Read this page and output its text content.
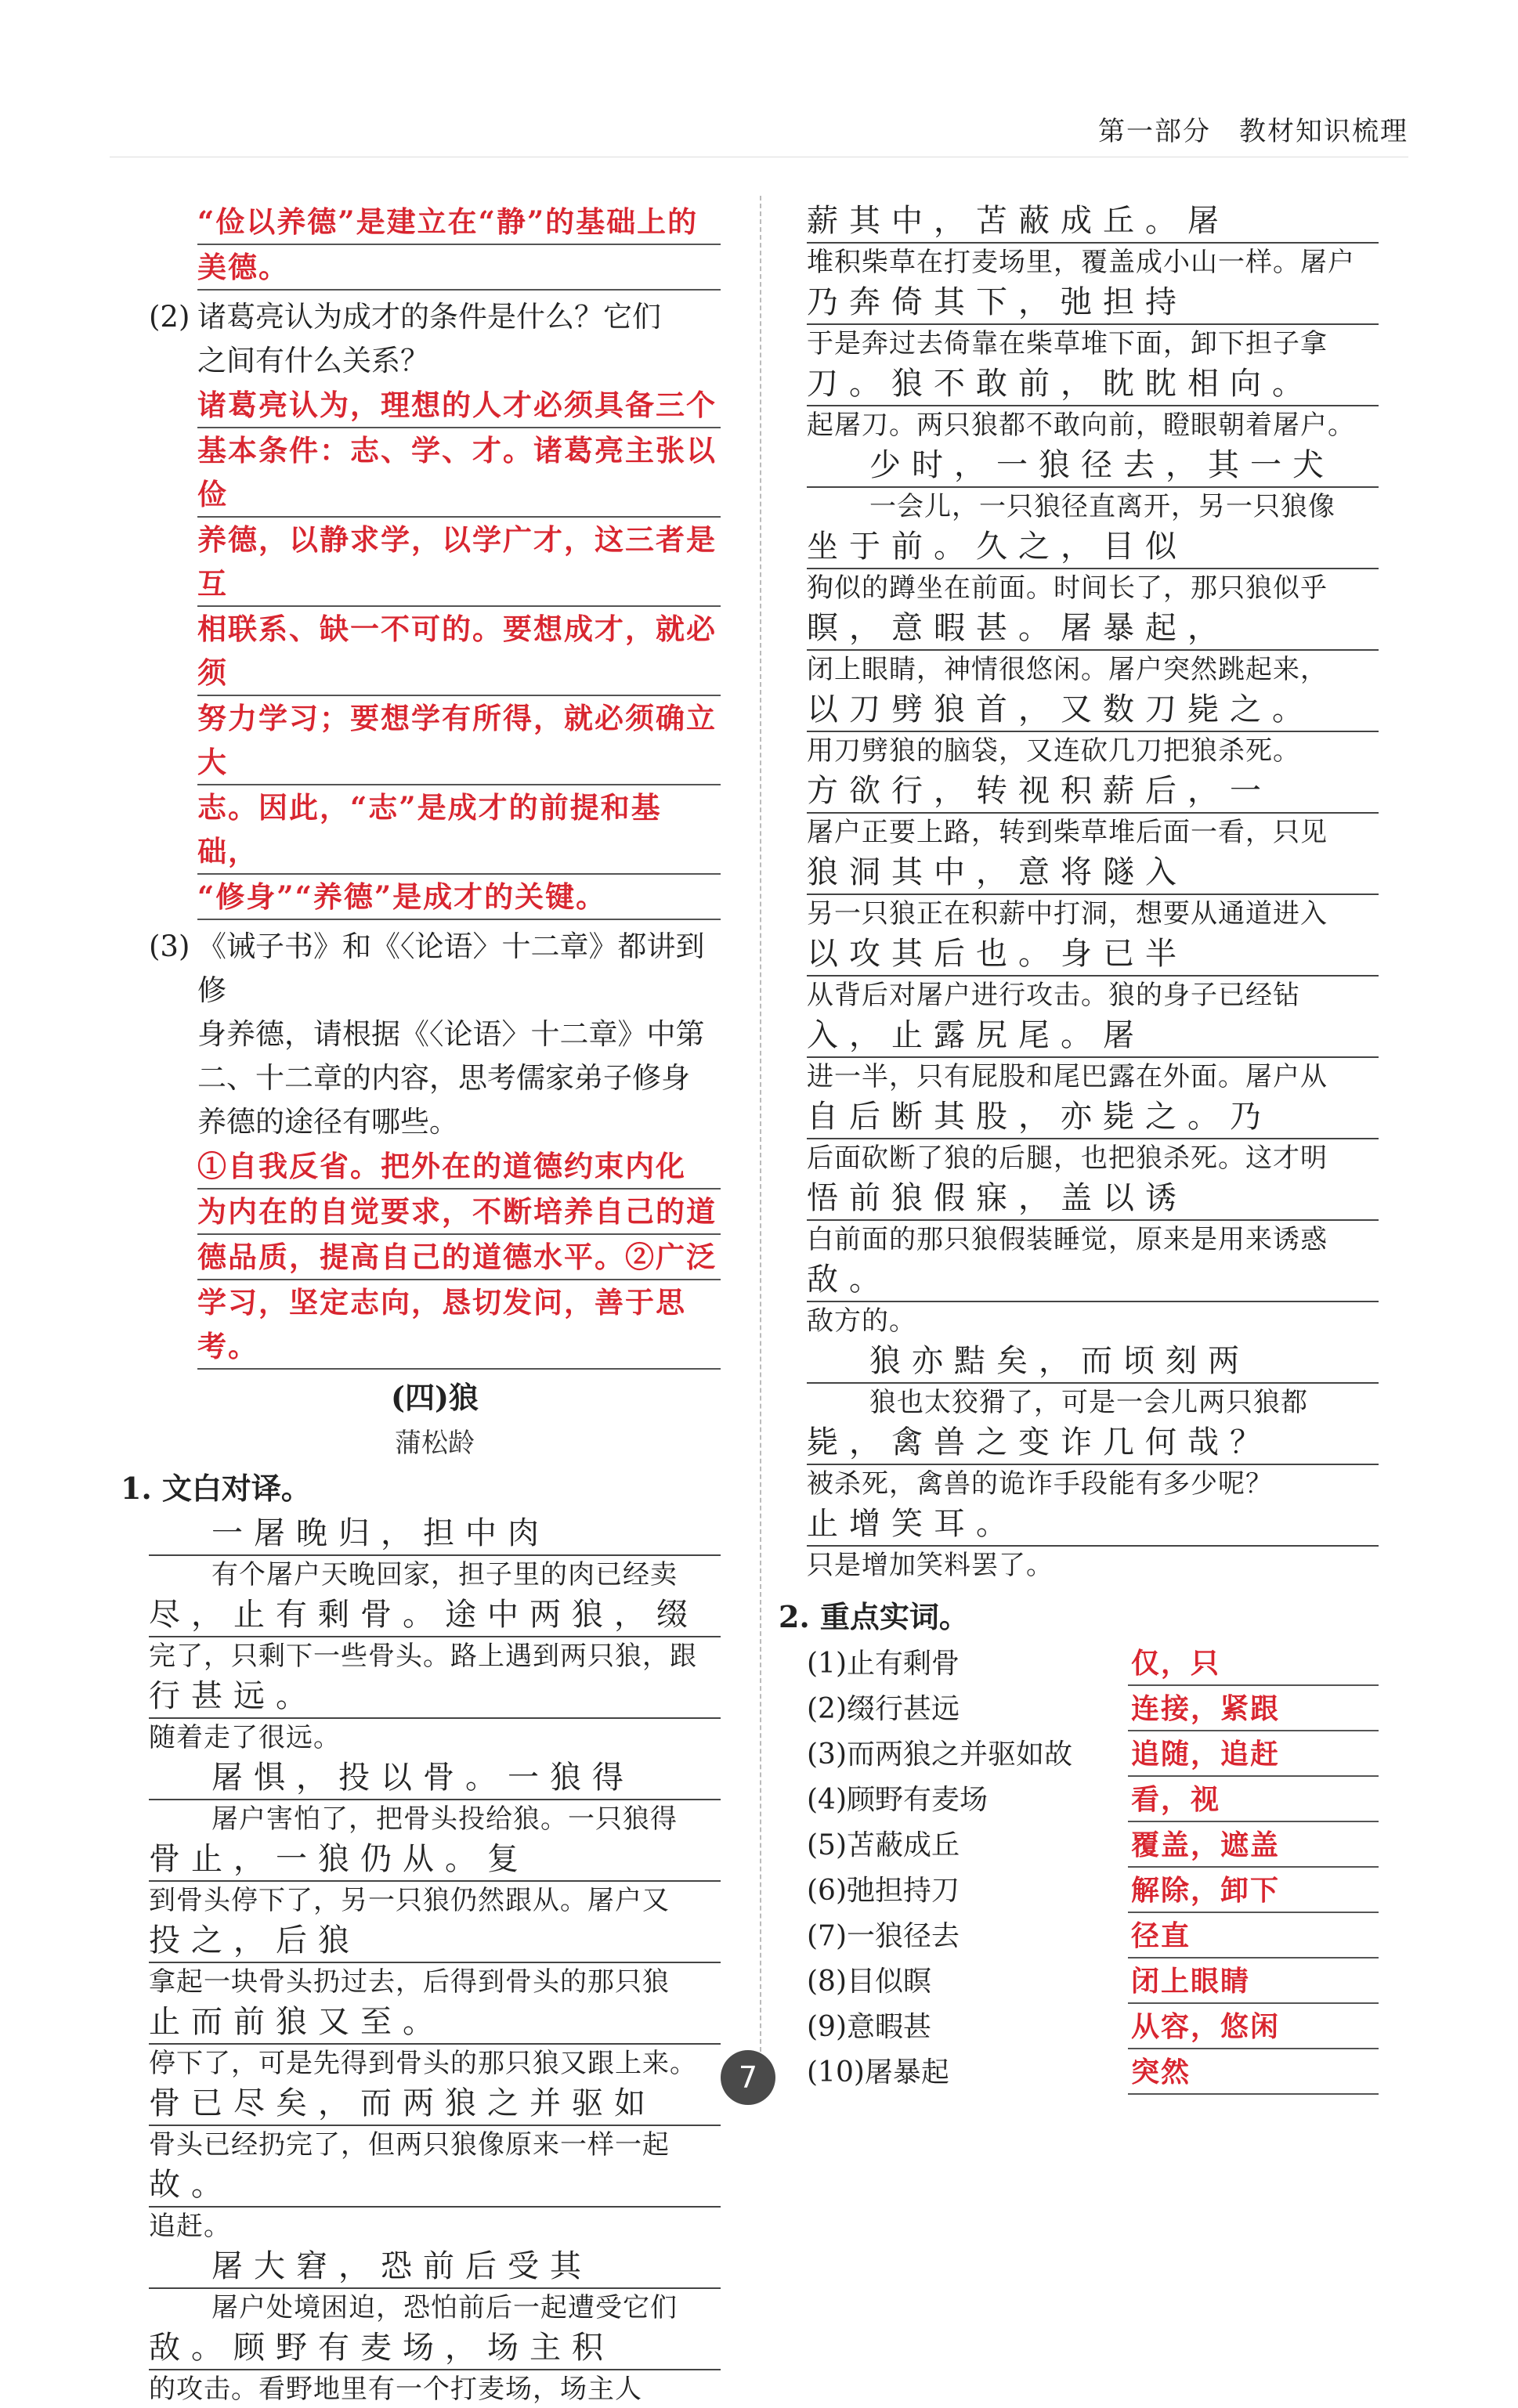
第一部分　教材知识梳理
“俭以养德”是建立在“静”的基础上的
美德。
(2) 诸葛亮认为成才的条件是什么？它们
之间有什么关系？
诸葛亮认为，理想的人才必须具备三个
基本条件：志、学、才。诸葛亮主张以俭
养德，以静求学，以学广才，这三者是互
相联系、缺一不可的。要想成才，就必须
努力学习；要想学有所得，就必须确立大
志。因此，“志”是成才的前提和基础，
“修身”“养德”是成才的关键。
(3) 《诫子书》和《〈论语〉十二章》都讲到修
身养德，请根据《〈论语〉十二章》中第
二、十二章的内容，思考儒家弟子修身
养德的途径有哪些。
①自我反省。把外在的道德约束内化
为内在的自觉要求，不断培养自己的道
德品质，提高自己的道德水平。②广泛
学习，坚定志向，恳切发问，善于思考。
(四)狼
蒲松龄
1. 文白对译。
一屠晚归，担中肉
有个屠户天晚回家，担子里的肉已经卖
尽，止有剩骨。途中两狼，缀
完了，只剩下一些骨头。路上遇到两只狼，跟
行甚远。
随着走了很远。
屠惧，投以骨。一狼得
屠户害怕了，把骨头投给狼。一只狼得
骨止，一狼仍从。复
到骨头停下了，另一只狼仍然跟从。屠户又
投之，后狼
拿起一块骨头扔过去，后得到骨头的那只狼
止而前狼又至。
停下了，可是先得到骨头的那只狼又跟上来。
骨已尽矣，而两狼之并驱如
骨头已经扔完了，但两只狼像原来一样一起
故。
追赶。
屠大窘，恐前后受其
屠户处境困迫，恐怕前后一起遭受它们
敌。顾野有麦场，场主积
的攻击。看野地里有一个打麦场，场主人
薪其中，苫蔽成丘。屠
堆积柴草在打麦场里，覆盖成小山一样。屠户
乃奔倚其下，弛担持
于是奔过去倚靠在柴草堆下面，卸下担子拿
刀。狼不敢前，眈眈相向。
起屠刀。两只狼都不敢向前，瞪眼朝着屠户。
少时，一狼径去，其一犬
一会儿，一只狼径直离开，另一只狼像
坐于前。久之，目似
狗似的蹲坐在前面。时间长了，那只狼似乎
瞑，意暇甚。屠暴起，
闭上眼睛，神情很悠闲。屠户突然跳起来，
以刀劈狼首，又数刀毙之。
用刀劈狼的脑袋，又连砍几刀把狼杀死。
方欲行，转视积薪后，一
屠户正要上路，转到柴草堆后面一看，只见
狼洞其中，意将隧入
另一只狼正在积薪中打洞，想要从通道进入
以攻其后也。身已半
从背后对屠户进行攻击。狼的身子已经钻
入，止露尻尾。屠
进一半，只有屁股和尾巴露在外面。屠户从
自后断其股，亦毙之。乃
后面砍断了狼的后腿，也把狼杀死。这才明
悟前狼假寐，盖以诱
白前面的那只狼假装睡觉，原来是用来诱惑
敌。
敌方的。
狼亦黠矣，而顷刻两
狼也太狡猾了，可是一会儿两只狼都
毙，禽兽之变诈几何哉？
被杀死，禽兽的诡诈手段能有多少呢？
止增笑耳。
只是增加笑料罢了。
2. 重点实词。
(1)止有剩骨	仅，只
(2)缀行甚远	连接，紧跟
(3)而两狼之并驱如故	追随，追赶
(4)顾野有麦场	看，视
(5)苫蔽成丘	覆盖，遮盖
(6)弛担持刀	解除，卸下
(7)一狼径去	径直
(8)目似瞑	闭上眼睛
(9)意暇甚	从容，悠闲
(10)屠暴起	突然
7
